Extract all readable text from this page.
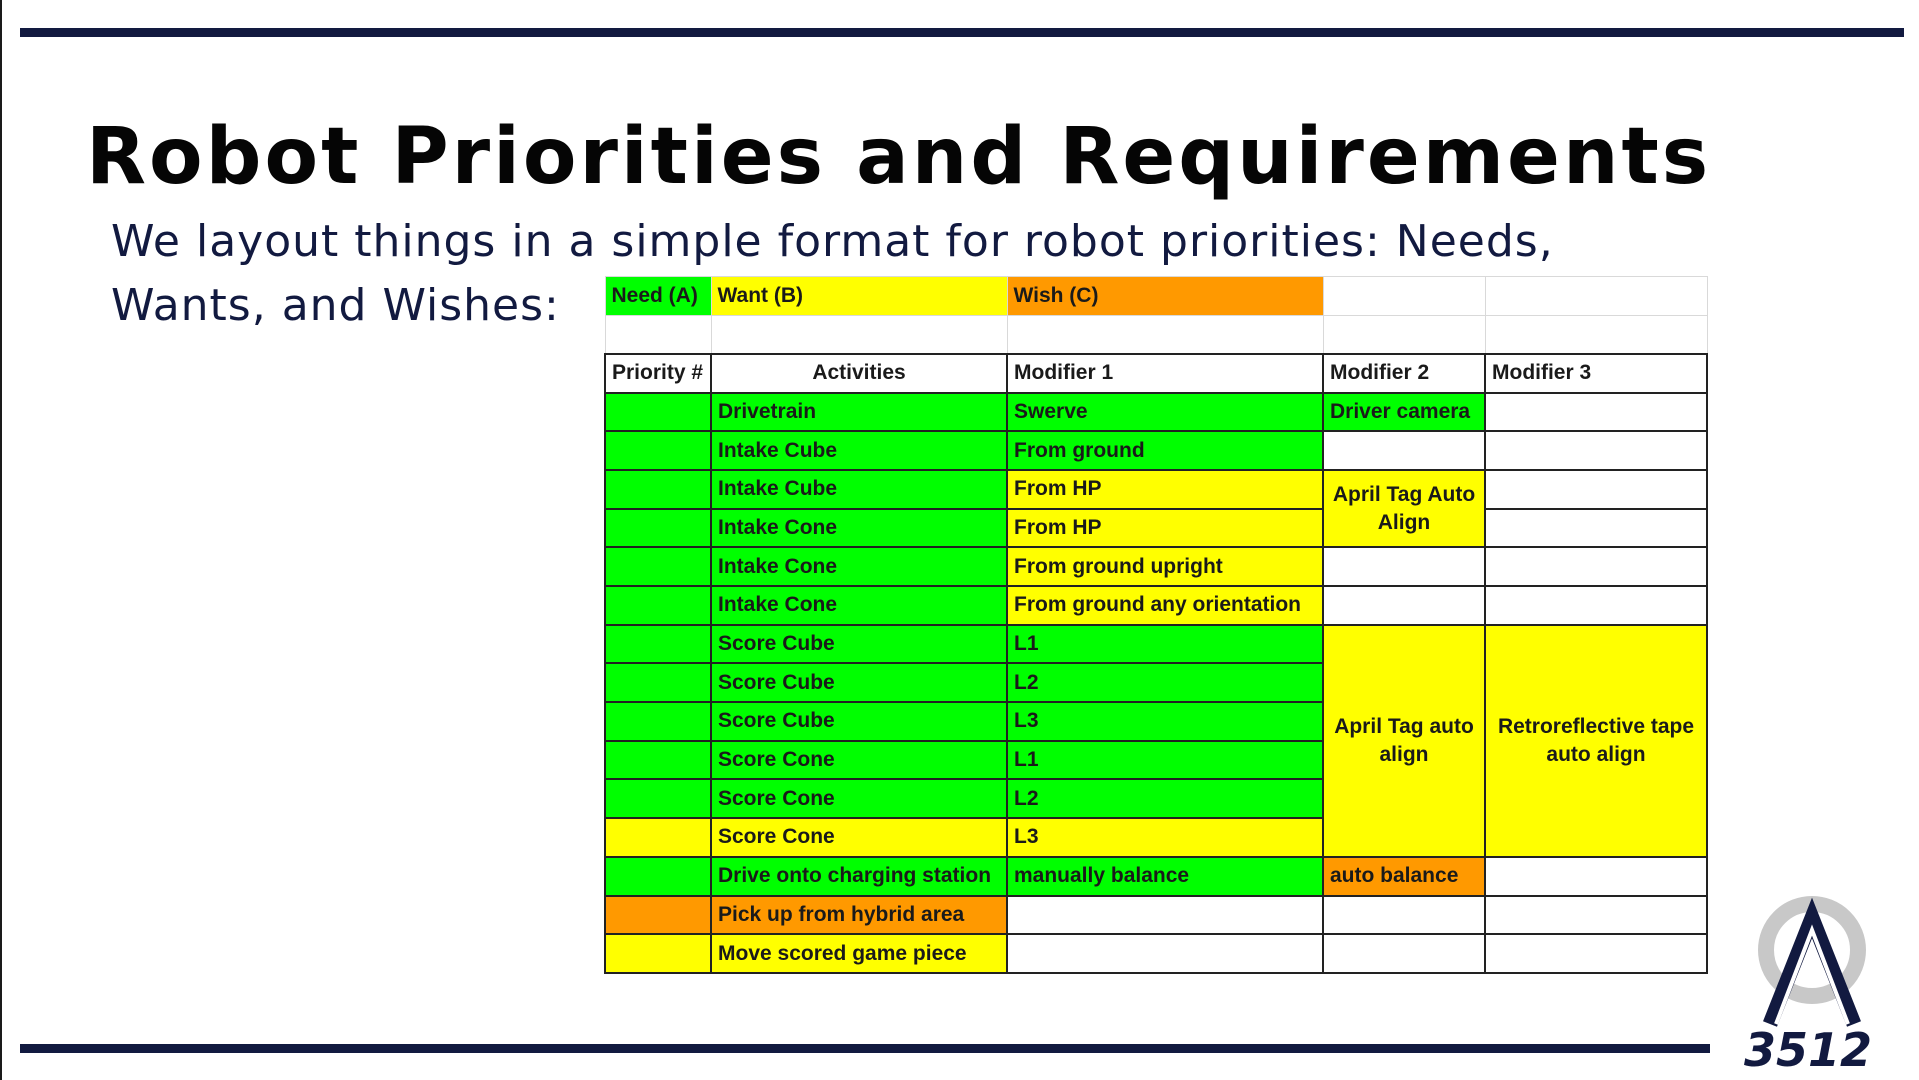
Robot Priorities and Requirements

We layout things in a simple format for robot priorities: Needs, Wants, and Wishes:	Need (A)	Want (B)	Wish (C)		

Priority #	Activities	Modifier 1	Modifier 2	Modifier 3
	Drivetrain	Swerve	Driver camera	
	Intake Cube	From ground		
	Intake Cube	From HP	April Tag Auto Align	
	Intake Cone	From HP		
	Intake Cone	From ground upright		
	Intake Cone	From ground any orientation		
	Score Cube	L1	April Tag auto align	Retroreflective tape auto align
	Score Cube	L2		
	Score Cube	L3		
	Score Cone	L1		
	Score Cone	L2		
	Score Cone	L3		
	Drive onto charging station	manually balance	auto balance	
	Pick up from hybrid area			
	Move scored game piece			
3512
